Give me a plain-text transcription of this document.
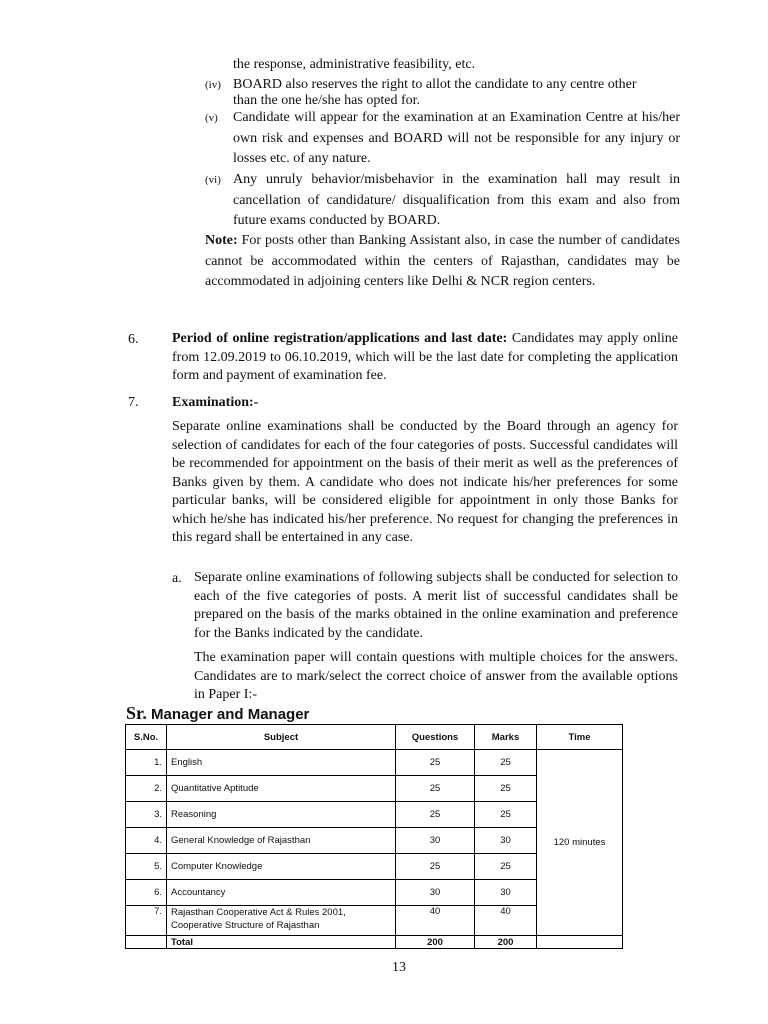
the response, administrative feasibility, etc.
(iv) BOARD also reserves the right to allot the candidate to any centre other
than the one he/she has opted for.
(v) Candidate will appear for the examination at an Examination Centre at his/her own risk and expenses and BOARD will not be responsible for any injury or losses etc. of any nature.
(vi) Any unruly behavior/misbehavior in the examination hall may result in cancellation of candidature/ disqualification from this exam and also from future exams conducted by BOARD.
Note: For posts other than Banking Assistant also, in case the number of candidates cannot be accommodated within the centers of Rajasthan, candidates may be accommodated in adjoining centers like Delhi & NCR region centers.
6. Period of online registration/applications and last date: Candidates may apply online from 12.09.2019 to 06.10.2019, which will be the last date for completing the application form and payment of examination fee.
7. Examination:-
Separate online examinations shall be conducted by the Board through an agency for selection of candidates for each of the four categories of posts. Successful candidates will be recommended for appointment on the basis of their merit as well as the preferences of Banks given by them. A candidate who does not indicate his/her preferences for some particular banks, will be considered eligible for appointment in only those Banks for which he/she has indicated his/her preference. No request for changing the preferences in this regard shall be entertained in any case.
a. Separate online examinations of following subjects shall be conducted for selection to each of the five categories of posts. A merit list of successful candidates shall be prepared on the basis of the marks obtained in the online examination and preference for the Banks indicated by the candidate.
The examination paper will contain questions with multiple choices for the answers. Candidates are to mark/select the correct choice of answer from the available options in Paper I:-
Sr. Manager and Manager
S.No.	Subject	Questions	Marks	Time
1.	English	25	25	120 minutes
2.	Quantitative Aptitude	25	25	
3.	Reasoning	25	25	
4.	General Knowledge of Rajasthan	30	30	
5.	Computer Knowledge	25	25	
6.	Accountancy	30	30	
7.	Rajasthan Cooperative Act & Rules 2001,
Cooperative Structure of Rajasthan	40	40	
	Total	200	200	
13
